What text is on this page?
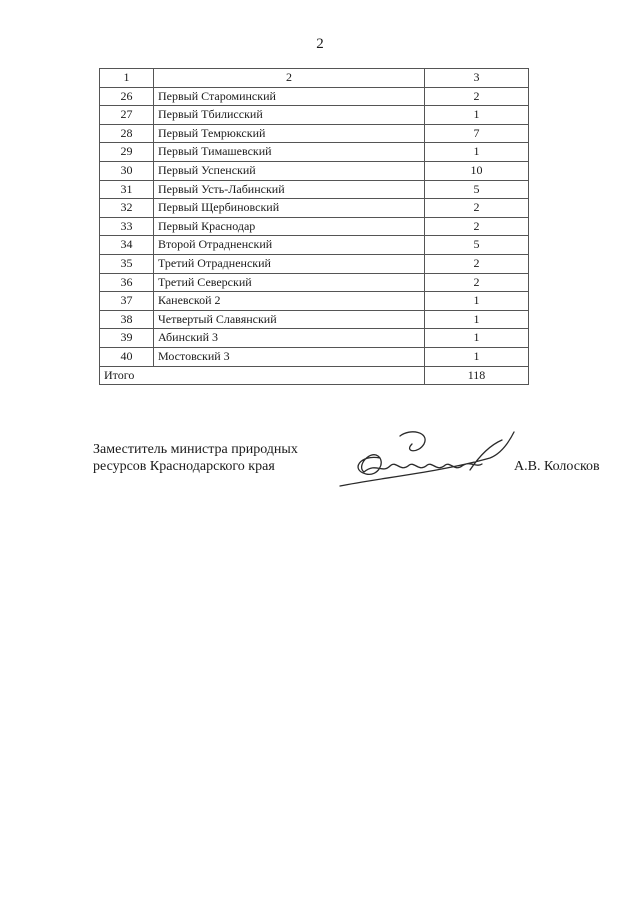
2
1	2	3
26	Первый Староминский	2
27	Первый Тбилисский	1
28	Первый Темрюкский	7
29	Первый Тимашевский	1
30	Первый Успенский	10
31	Первый Усть-Лабинский	5
32	Первый Щербиновский	2
33	Первый Краснодар	2
34	Второй Отрадненский	5
35	Третий Отрадненский	2
36	Третий Северский	2
37	Каневской 2	1
38	Четвертый Славянский	1
39	Абинский 3	1
40	Мостовский 3	1
Итого		118
Заместитель министра природных
ресурсов Краснодарского края	А.В. Колосков
